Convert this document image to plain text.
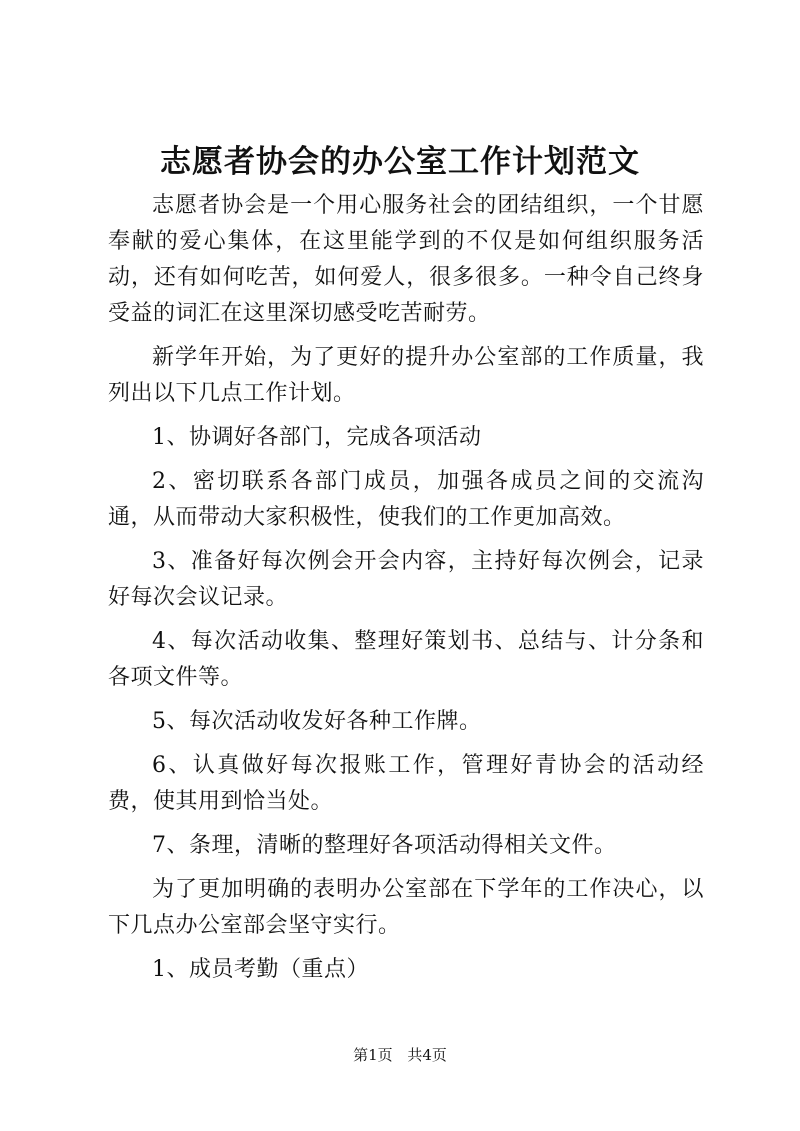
志愿者协会的办公室工作计划范文

志愿者协会是一个用心服务社会的团结组织，一个甘愿奉献的爱心集体，在这里能学到的不仅是如何组织服务活动，还有如何吃苦，如何爱人，很多很多。一种令自己终身受益的词汇在这里深切感受吃苦耐劳。

新学年开始，为了更好的提升办公室部的工作质量，我列出以下几点工作计划。

1、协调好各部门，完成各项活动

2、密切联系各部门成员，加强各成员之间的交流沟通，从而带动大家积极性，使我们的工作更加高效。

3、准备好每次例会开会内容，主持好每次例会，记录好每次会议记录。

4、每次活动收集、整理好策划书、总结与、计分条和各项文件等。

5、每次活动收发好各种工作牌。

6、认真做好每次报账工作，管理好青协会的活动经费，使其用到恰当处。

7、条理，清晰的整理好各项活动得相关文件。

为了更加明确的表明办公室部在下学年的工作决心，以下几点办公室部会坚守实行。

1、成员考勤（重点）

第1页 共4页
